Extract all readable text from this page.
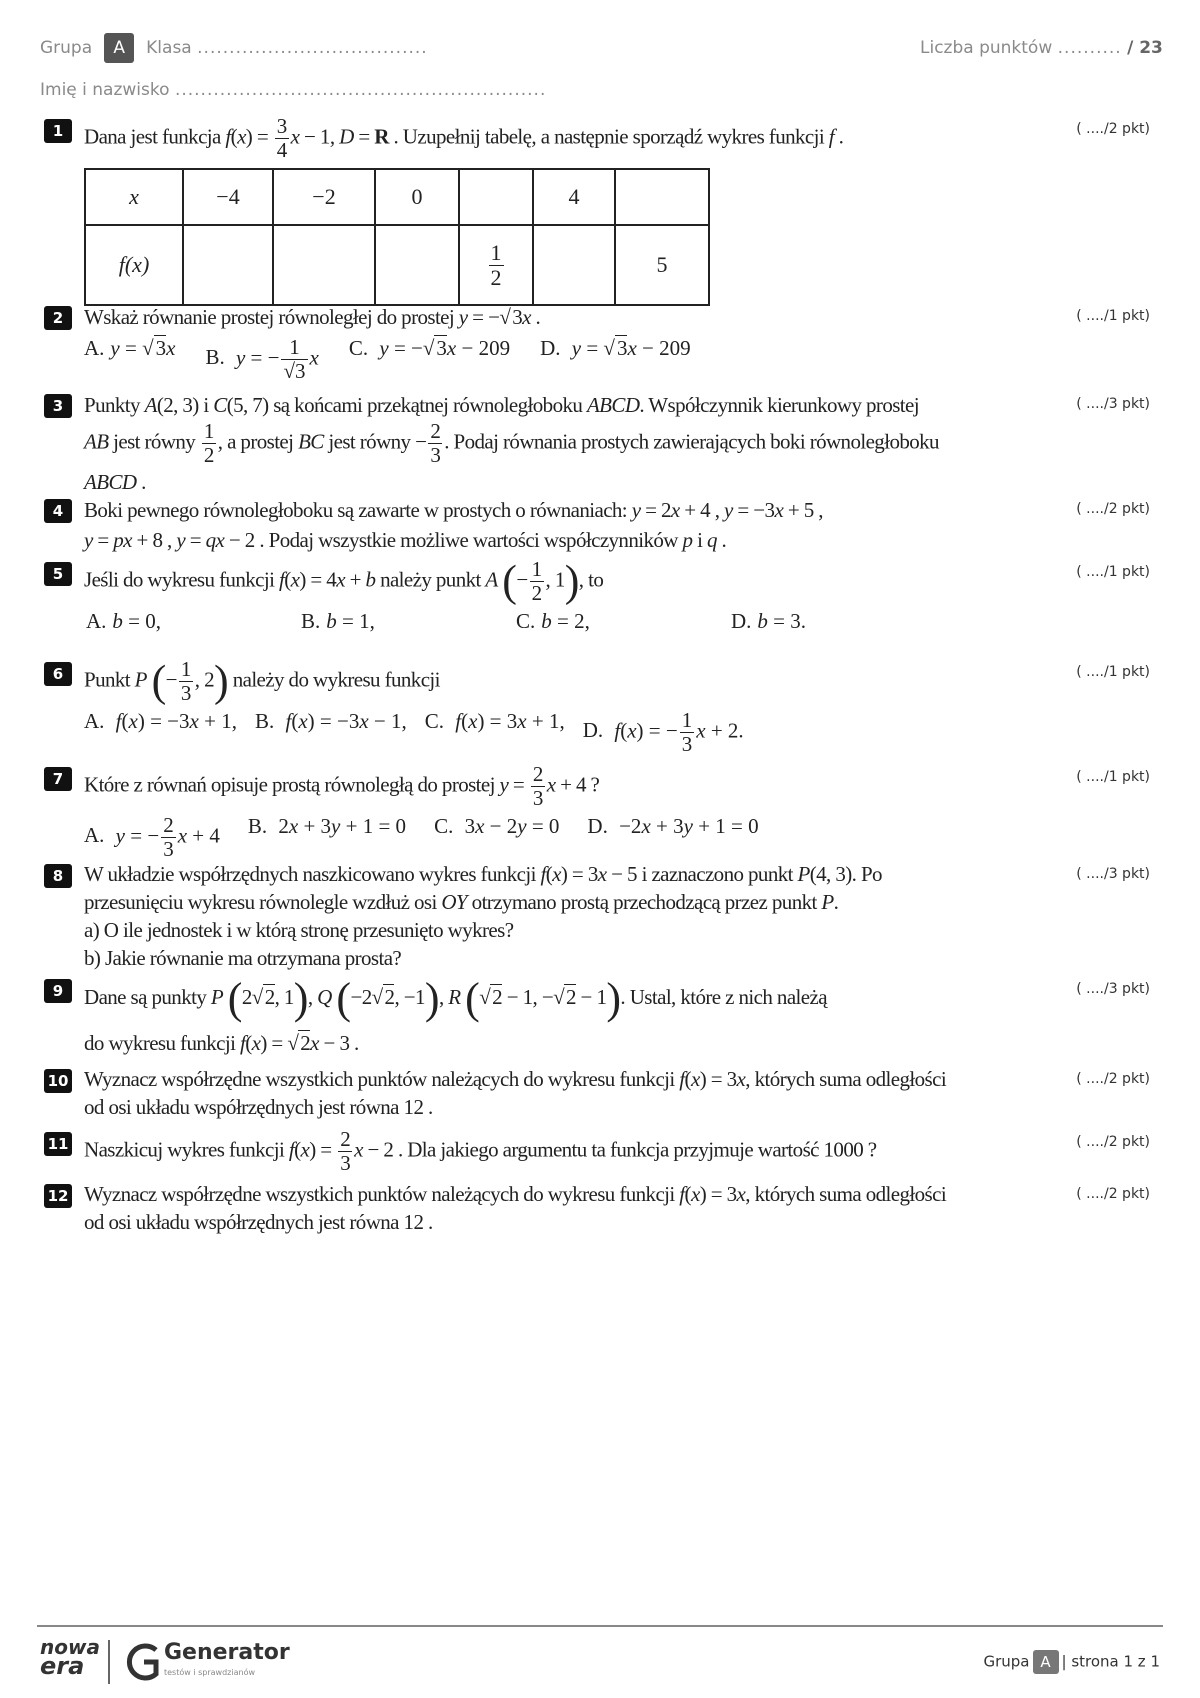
Grupa A Klasa ....................................	Liczba punktów .......... / 23
Imię i nazwisko ..........................................................
1	( ..../2 pkt)
Dana jest funkcja $f(x) = \frac{3}{4}$ x − 1, D = R . Uzupełnij tabelę, a następnie sporządź wykres funkcji f .
x	−4	−2	0		4	
f(x)				$\frac{1}{2}$		5
2	( ..../1 pkt)
Wskaż równanie prostej równoległej do prostej y = −√3x .
A. y = √3x B. y = − $\frac{1}{√3}$ x C. y = −√3x − 209 D. y = √3x − 209
3	( ..../3 pkt)
Punkty A(2, 3) i C(5, 7) są końcami przekątnej równoległoboku ABCD. Współczynnik kierunkowy prostej
AB jest równy $\frac{1}{2}$ , a prostej BC jest równy − $\frac{2}{3}$ . Podaj równania prostych zawierających boki równoległoboku
ABCD .
4	( ..../2 pkt)
Boki pewnego równoległoboku są zawarte w prostych o równaniach: y = 2x + 4 , y = −3x + 5 ,
y = px + 8 , y = qx − 2 . Podaj wszystkie możliwe wartości współczynników p i q .
5	( ..../1 pkt)
Jeśli do wykresu funkcji f(x) = 4x + b należy punkt A (− $\frac{1}{2}$ , 1), to
A. b = 0,	B. b = 1,	C. b = 2,	D. b = 3.
6	( ..../1 pkt)
Punkt P (− $\frac{1}{3}$ , 2) należy do wykresu funkcji
A. f(x) = −3x + 1, B. f(x) = −3x − 1, C. f(x) = 3x + 1, D. f(x) = − $\frac{1}{3}$ x + 2.
7	( ..../1 pkt)
Które z równań opisuje prostą równoległą do prostej $y = \frac{2}{3}$ x + 4 ?
A. y = − $\frac{2}{3}$ x + 4 B. 2x + 3y + 1 = 0 C. 3x − 2y = 0 D. −2x + 3y + 1 = 0
8	( ..../3 pkt)
W układzie współrzędnych naszkicowano wykres funkcji f(x) = 3x − 5 i zaznaczono punkt P(4, 3). Po
przesunięciu wykresu równolegle wzdłuż osi OY otrzymano prostą przechodzącą przez punkt P.
a) O ile jednostek i w którą stronę przesunięto wykres?
b) Jakie równanie ma otrzymana prosta?
9	( ..../3 pkt)
Dane są punkty P (2√2, 1), Q (−2√2, −1), R (√2 − 1, −√2 − 1). Ustal, które z nich należą
do wykresu funkcji f(x) = √2x − 3 .
10	( ..../2 pkt)
Wyznacz współrzędne wszystkich punktów należących do wykresu funkcji f(x) = 3x, których suma odległości
od osi układu współrzędnych jest równa 12 .
11	( ..../2 pkt)
Naszkicuj wykres funkcji $f(x) = \frac{2}{3}$ x − 2 . Dla jakiego argumentu ta funkcja przyjmuje wartość 1000 ?
12	( ..../2 pkt)
Wyznacz współrzędne wszystkich punktów należących do wykresu funkcji f(x) = 3x, których suma odległości
od osi układu współrzędnych jest równa 12 .
nowa
era	Generator
testów i sprawdzianów
Grupa A | strona 1 z 1
